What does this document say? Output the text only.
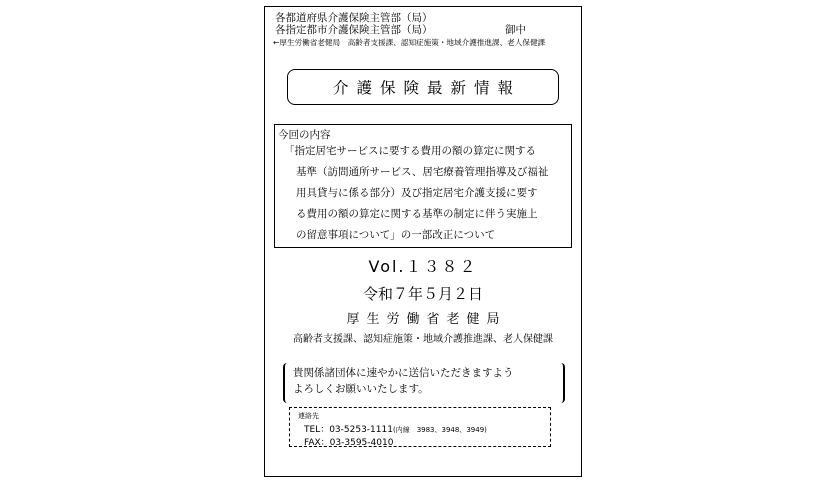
各都道府県介護保険主管部（局）
各指定都市介護保険主管部（局）	御中
←厚生労働省老健局　高齢者支援課、認知症施策・地域介護推進課、老人保健課
介護保険最新情報
今回の内容
「指定居宅サービスに要する費用の額の算定に関する
基準（訪問通所サービス、居宅療養管理指導及び福祉
用具貸与に係る部分）及び指定居宅介護支援に要す
る費用の額の算定に関する基準の制定に伴う実施上
の留意事項について」の一部改正について
Vol.１３８２
令和７年５月２日
厚生労働省老健局
高齢者支援課、認知症施策・地域介護推進課、老人保健課
貴関係諸団体に速やかに送信いただきますよう
よろしくお願いいたします。
連絡先
TEL：03-5253-1111(内線　3983、3948、3949)
FAX：03-3595-4010
